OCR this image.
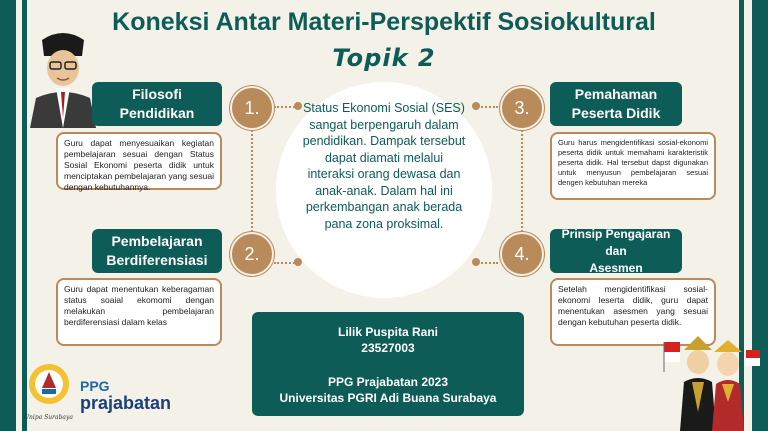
Koneksi Antar Materi-Perspektif Sosiokultural
Topik 2
Status Ekonomi Sosial (SES) sangat berpengaruh dalam pendidikan. Dampak tersebut dapat diamati melalui interaksi orang dewasa dan anak-anak. Dalam hal ini perkembangan anak berada pana zona proksimal.
1.
Filosofi
Pendidikan
Guru dapat menyesuaikan kegiatan pembelajaran sesuai dengan Status Sosial Ekonomi peserta didik untuk menciptakan pembelajaran yang sesuai dengan kebutuhannya.
2.
Pembelajaran
Berdiferensiasi
Guru dapat menentukan keberagaman status soaial ekomomi dengan melakukan pembelajaran berdiferensiasi dalam kelas
3.
Pemahaman
Peserta Didik
Guru harus mengidentifikasi sosial-ekonomi peserta didik untuk memahami karakteristik peserta didik. Hal tersebut dapst digunakan untuk menyusun pembelajaran sesuai dengen kebutuhan mereka
4.
Prinsip Pengajaran dan
Asesmen
Setelah mengidentifikasi sosial-ekonomi leserta didik, guru dapat menentukan asesmen yang sesuai dengan kebutuhan peserta didik.
Lilik Puspita Rani
23527003
PPG Prajabatan 2023
Universitas PGRI Adi Buana Surabaya
Unipa Surabaya
PPG
prajabatan
